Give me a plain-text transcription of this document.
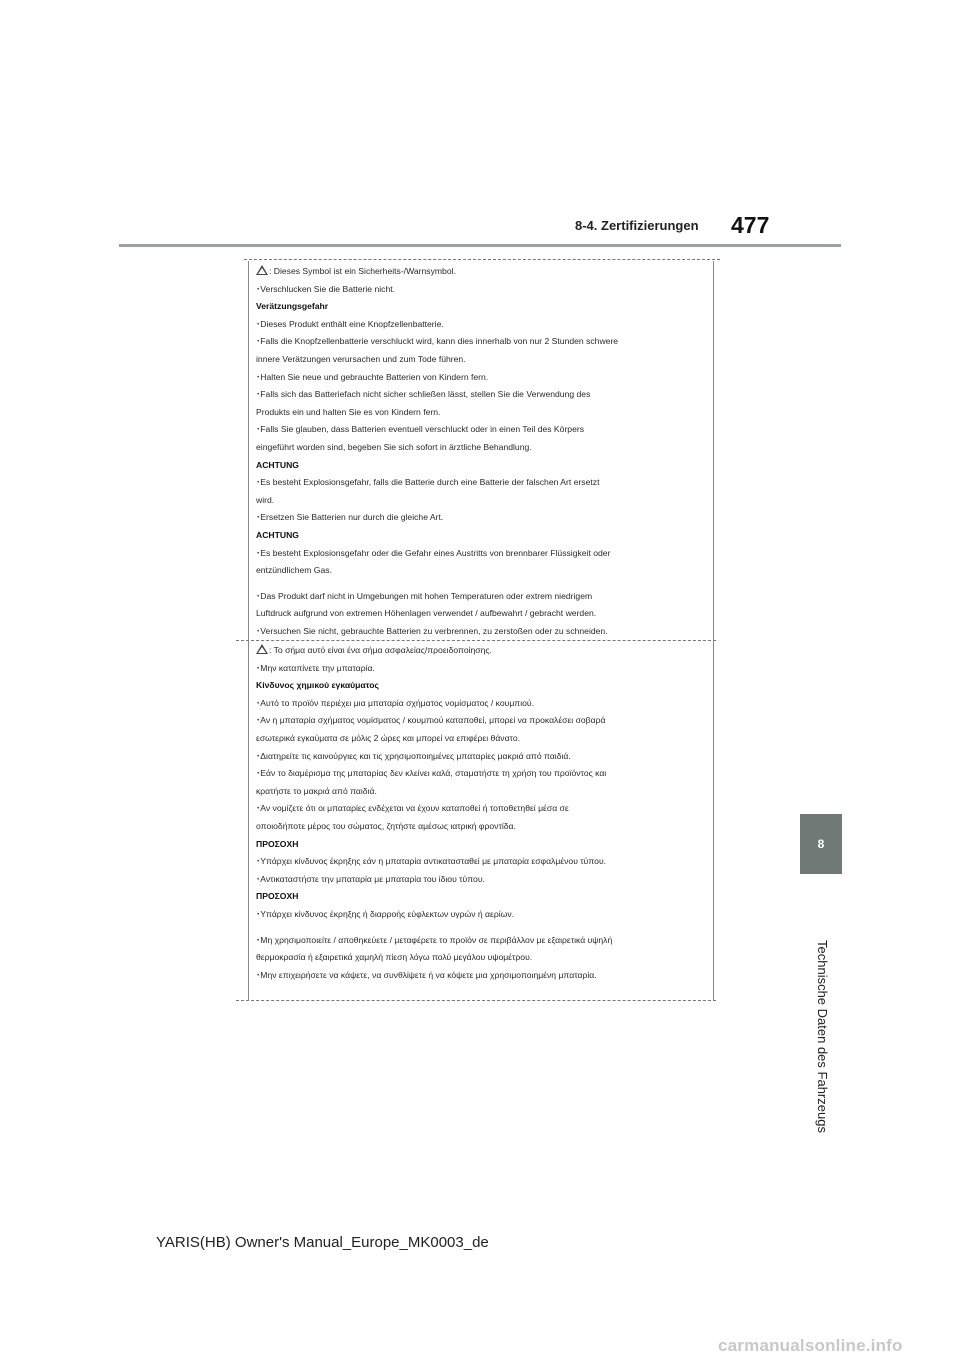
8-4. Zertifizierungen 477
8
Technische Daten des Fahrzeugs
: Dieses Symbol ist ein Sicherheits-/Warnsymbol.
･Verschlucken Sie die Batterie nicht.
Verätzungsgefahr
･Dieses Produkt enthält eine Knopfzellenbatterie.
･Falls die Knopfzellenbatterie verschluckt wird, kann dies innerhalb von nur 2 Stunden schwere
innere Verätzungen verursachen und zum Tode führen.
･Halten Sie neue und gebrauchte Batterien von Kindern fern.
･Falls sich das Batteriefach nicht sicher schließen lässt, stellen Sie die Verwendung des
Produkts ein und halten Sie es von Kindern fern.
･Falls Sie glauben, dass Batterien eventuell verschluckt oder in einen Teil des Körpers
eingeführt worden sind, begeben Sie sich sofort in ärztliche Behandlung.
ACHTUNG
･Es besteht Explosionsgefahr, falls die Batterie durch eine Batterie der falschen Art ersetzt
wird.
･Ersetzen Sie Batterien nur durch die gleiche Art.
ACHTUNG
･Es besteht Explosionsgefahr oder die Gefahr eines Austritts von brennbarer Flüssigkeit oder
entzündlichem Gas.
･Das Produkt darf nicht in Umgebungen mit hohen Temperaturen oder extrem niedrigem
Luftdruck aufgrund von extremen Höhenlagen verwendet / aufbewahrt / gebracht werden.
･Versuchen Sie nicht, gebrauchte Batterien zu verbrennen, zu zerstoßen oder zu schneiden.
: Το σήμα αυτό είναι ένα σήμα ασφαλείας/προειδοποίησης.
･Μην καταπίνετε την μπαταρία.
Κίνδυνος χημικού εγκαύματος
･Αυτό το προϊόν περιέχει μια μπαταρία σχήματος νομίσματος / κουμπιού.
･Αν η μπαταρία σχήματος νομίσματος / κουμπιού καταποθεί, μπορεί να προκαλέσει σοβαρά
εσωτερικά εγκαύματα σε μόλις 2 ώρες και μπορεί να επιφέρει θάνατο.
･Διατηρείτε τις καινούργιες και τις χρησιμοποιημένες μπαταρίες μακριά από παιδιά.
･Εάν το διαμέρισμα της μπαταρίας δεν κλείνει καλά, σταματήστε τη χρήση του προϊόντος και
κρατήστε το μακριά από παιδιά.
･Αν νομίζετε ότι οι μπαταρίες ενδέχεται να έχουν καταποθεί ή τοποθετηθεί μέσα σε
οποιοδήποτε μέρος του σώματος, ζητήστε αμέσως ιατρική φροντίδα.
ΠΡΟΣΟΧΗ
･Υπάρχει κίνδυνος έκρηξης εάν η μπαταρία αντικατασταθεί με μπαταρία εσφαλμένου τύπου.
･Αντικαταστήστε την μπαταρία με μπαταρία του ίδιου τύπου.
ΠΡΟΣΟΧΗ
･Υπάρχει κίνδυνος έκρηξης ή διαρροής εύφλεκτων υγρών ή αερίων.
･Μη χρησιμοποιείτε / αποθηκεύετε / μεταφέρετε το προϊόν σε περιβάλλον με εξαιρετικά υψηλή
θερμοκρασία ή εξαιρετικά χαμηλή πίεση λόγω πολύ μεγάλου υψομέτρου.
･Μην επιχειρήσετε να κάψετε, να συνθλίψετε ή να κόψετε μια χρησιμοποιημένη μπαταρία.
YARIS(HB) Owner's Manual_Europe_MK0003_de
carmanualsonline.info
